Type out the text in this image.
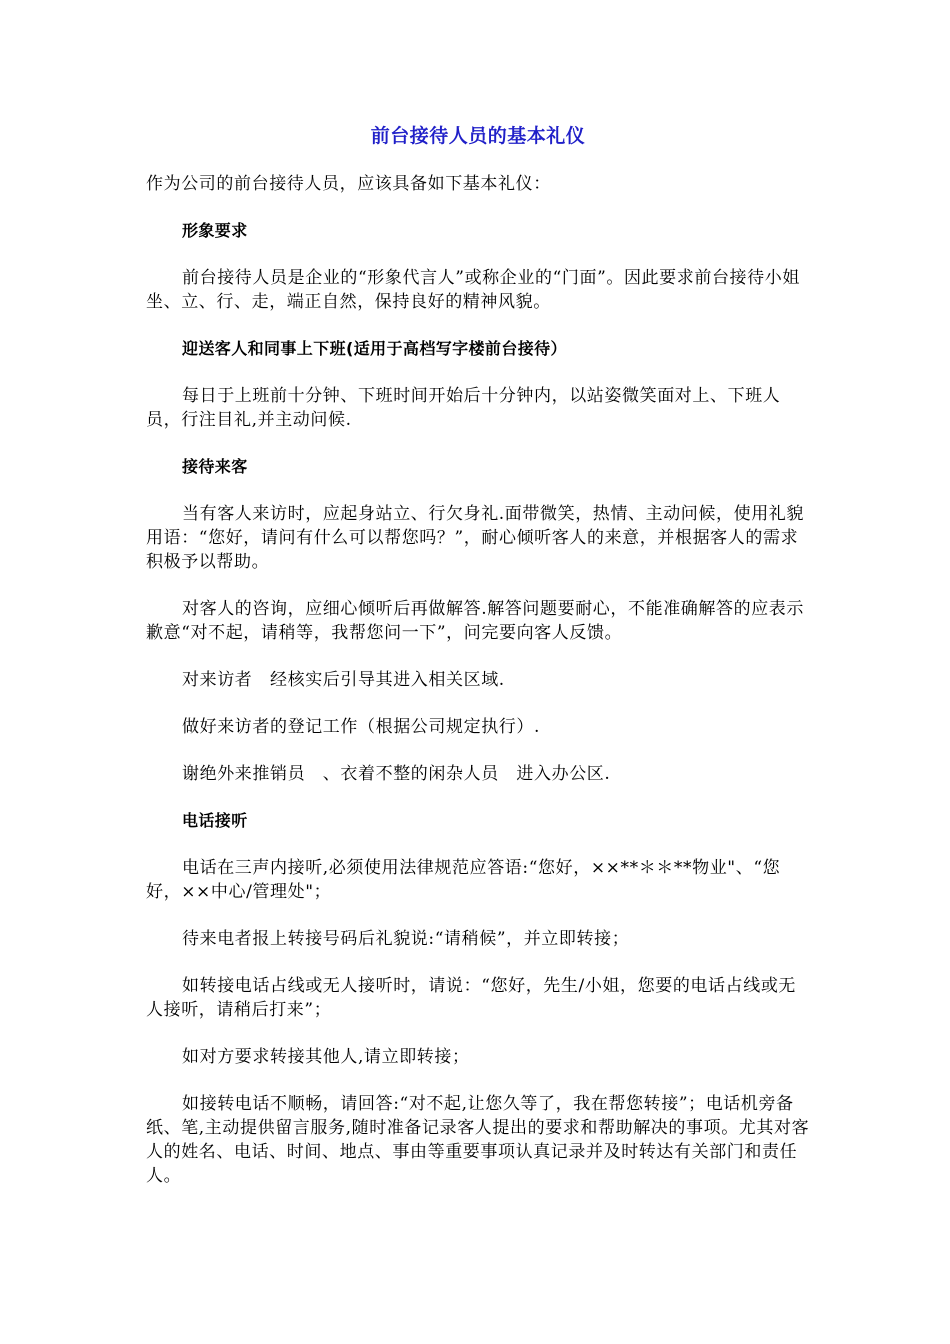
前台接待人员的基本礼仪

作为公司的前台接待人员，应该具备如下基本礼仪：

形象要求

前台接待人员是企业的“形象代言人”或称企业的“门面”。因此要求前台接待小姐坐、立、行、走，端正自然，保持良好的精神风貌。

迎送客人和同事上下班(适用于高档写字楼前台接待）

每日于上班前十分钟、下班时间开始后十分钟内，以站姿微笑面对上、下班人员，行注目礼,并主动问候.

接待来客

当有客人来访时，应起身站立、行欠身礼.面带微笑，热情、主动问候，使用礼貌用语：“您好，请问有什么可以帮您吗？”，耐心倾听客人的来意，并根据客人的需求积极予以帮助。

对客人的咨询，应细心倾听后再做解答.解答问题要耐心，不能准确解答的应表示歉意“对不起，请稍等，我帮您问一下”，问完要向客人反馈。

对来访者　经核实后引导其进入相关区域.

做好来访者的登记工作（根据公司规定执行）.

谢绝外来推销员　、衣着不整的闲杂人员　进入办公区.

电话接听

电话在三声内接听,必须使用法律规范应答语:“您好，××**＊＊**物业"、“您好，××中心/管理处"；

待来电者报上转接号码后礼貌说:“请稍候”，并立即转接；

如转接电话占线或无人接听时，请说：“您好，先生/小姐，您要的电话占线或无人接听，请稍后打来”；

如对方要求转接其他人,请立即转接；

如接转电话不顺畅，请回答:“对不起,让您久等了，我在帮您转接”；电话机旁备纸、笔,主动提供留言服务,随时准备记录客人提出的要求和帮助解决的事项。尤其对客人的姓名、电话、时间、地点、事由等重要事项认真记录并及时转达有关部门和责任人。
